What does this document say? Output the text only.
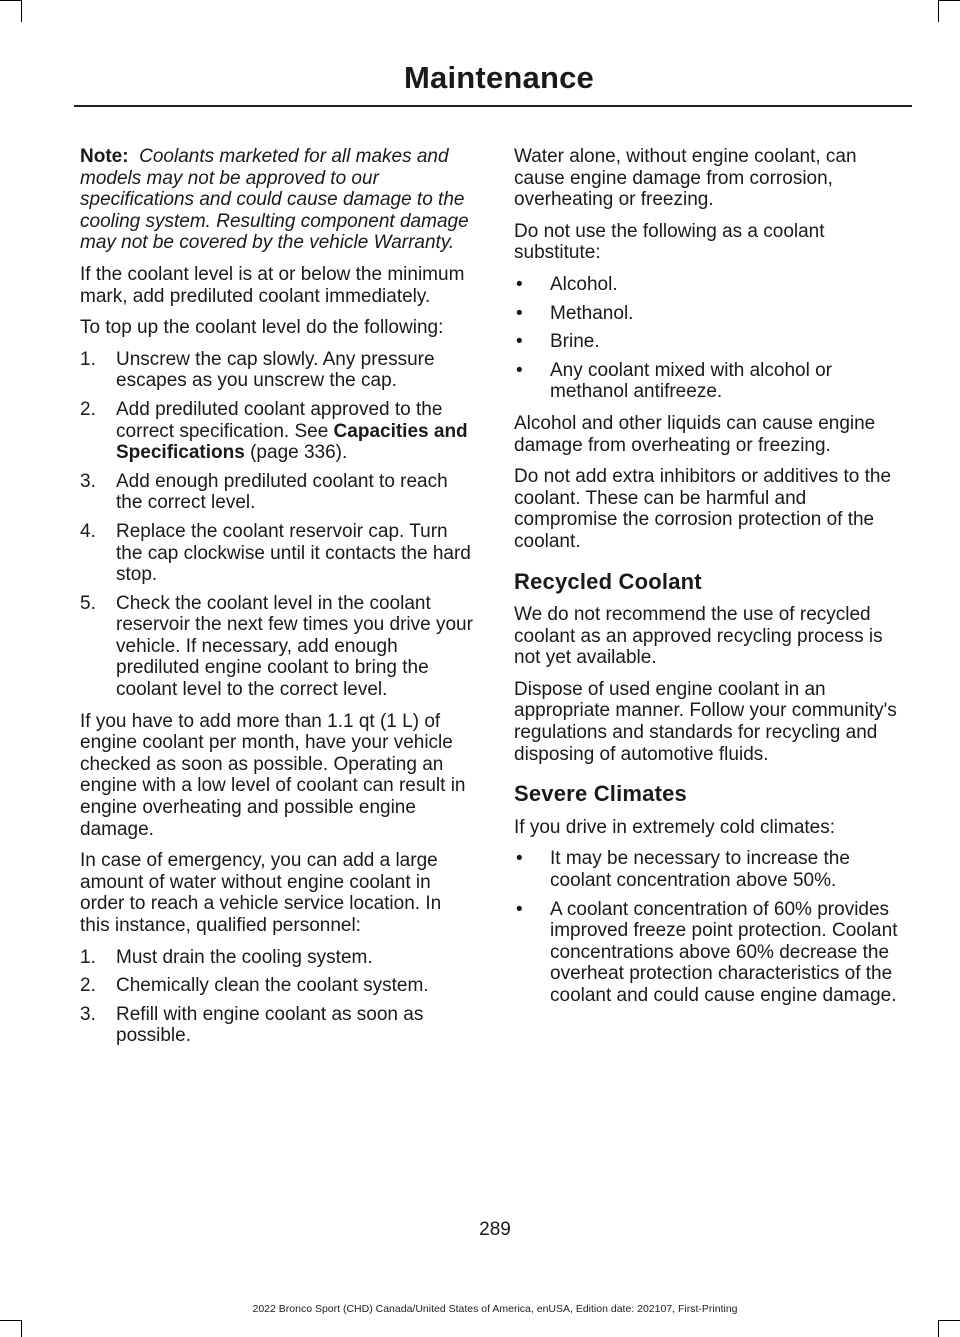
Maintenance

Note: Coolants marketed for all makes and models may not be approved to our specifications and could cause damage to the cooling system. Resulting component damage may not be covered by the vehicle Warranty.

If the coolant level is at or below the minimum mark, add prediluted coolant immediately.

To top up the coolant level do the following:

1. Unscrew the cap slowly. Any pressure escapes as you unscrew the cap.
2. Add prediluted coolant approved to the correct specification. See Capacities and Specifications (page 336).
3. Add enough prediluted coolant to reach the correct level.
4. Replace the coolant reservoir cap. Turn the cap clockwise until it contacts the hard stop.
5. Check the coolant level in the coolant reservoir the next few times you drive your vehicle. If necessary, add enough prediluted engine coolant to bring the coolant level to the correct level.

If you have to add more than 1.1 qt (1 L) of engine coolant per month, have your vehicle checked as soon as possible. Operating an engine with a low level of coolant can result in engine overheating and possible engine damage.

In case of emergency, you can add a large amount of water without engine coolant in order to reach a vehicle service location. In this instance, qualified personnel:

1. Must drain the cooling system.
2. Chemically clean the coolant system.
3. Refill with engine coolant as soon as possible.

Water alone, without engine coolant, can cause engine damage from corrosion, overheating or freezing.

Do not use the following as a coolant substitute:

• Alcohol.
• Methanol.
• Brine.
• Any coolant mixed with alcohol or methanol antifreeze.

Alcohol and other liquids can cause engine damage from overheating or freezing.

Do not add extra inhibitors or additives to the coolant. These can be harmful and compromise the corrosion protection of the coolant.

Recycled Coolant

We do not recommend the use of recycled coolant as an approved recycling process is not yet available.

Dispose of used engine coolant in an appropriate manner. Follow your community's regulations and standards for recycling and disposing of automotive fluids.

Severe Climates

If you drive in extremely cold climates:

• It may be necessary to increase the coolant concentration above 50%.
• A coolant concentration of 60% provides improved freeze point protection. Coolant concentrations above 60% decrease the overheat protection characteristics of the coolant and could cause engine damage.
289
2022 Bronco Sport (CHD) Canada/United States of America, enUSA, Edition date: 202107, First-Printing
